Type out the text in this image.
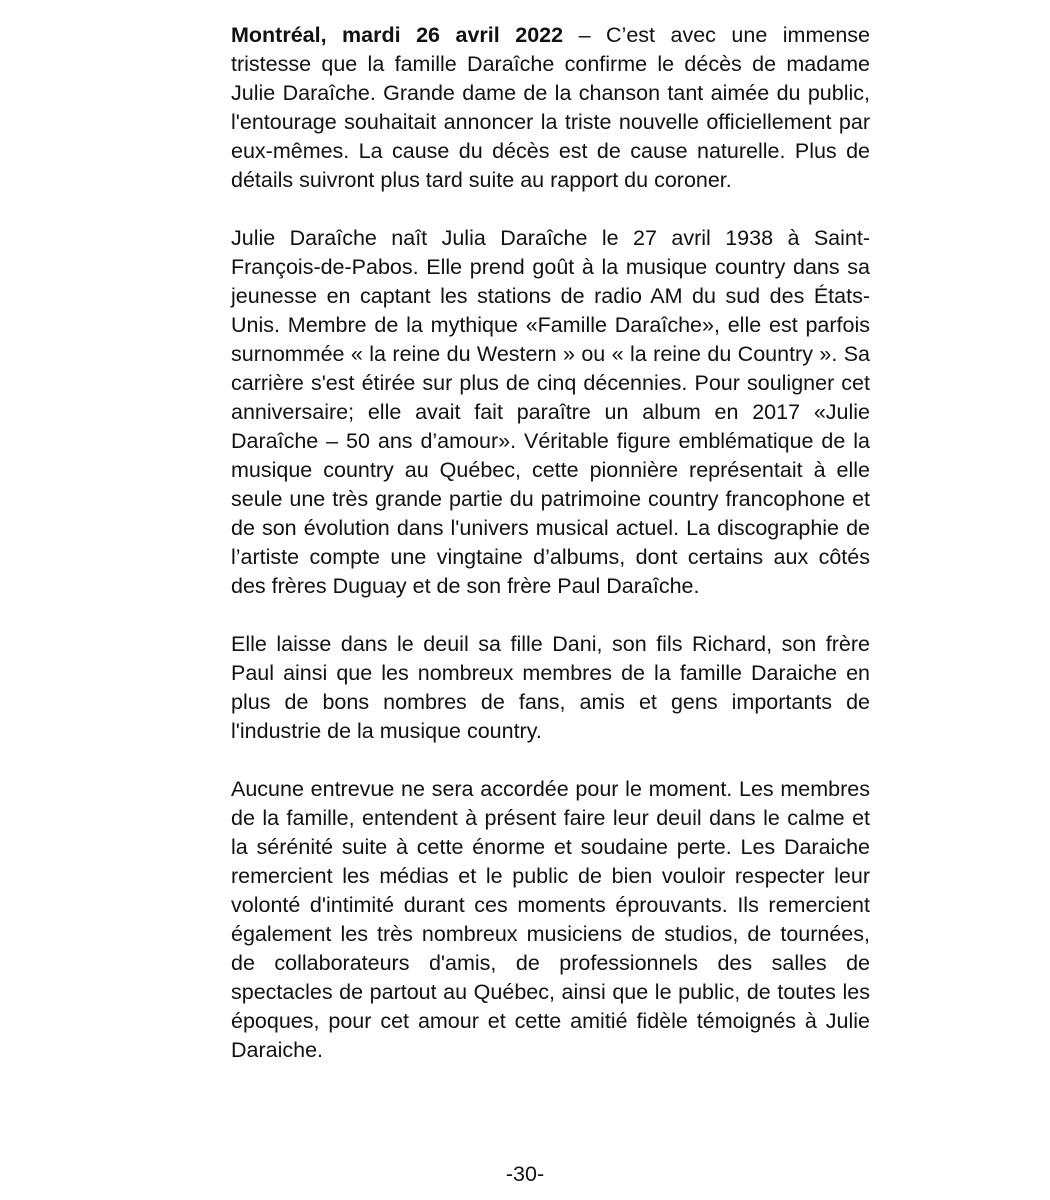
Montréal, mardi 26 avril 2022 – C’est avec une immense tristesse que la famille Daraîche confirme le décès de madame Julie Daraîche. Grande dame de la chanson tant aimée du public, l'entourage souhaitait annoncer la triste nouvelle officiellement par eux-mêmes. La cause du décès est de cause naturelle. Plus de détails suivront plus tard suite au rapport du coroner.

Julie Daraîche naît Julia Daraîche le 27 avril 1938 à Saint-François-de-Pabos. Elle prend goût à la musique country dans sa jeunesse en captant les stations de radio AM du sud des États-Unis. Membre de la mythique «Famille Daraîche», elle est parfois surnommée « la reine du Western » ou « la reine du Country ». Sa carrière s'est étirée sur plus de cinq décennies. Pour souligner cet anniversaire; elle avait fait paraître un album en 2017 «Julie Daraîche – 50 ans d’amour». Véritable figure emblématique de la musique country au Québec, cette pionnière représentait à elle seule une très grande partie du patrimoine country francophone et de son évolution dans l'univers musical actuel. La discographie de l’artiste compte une vingtaine d’albums, dont certains aux côtés des frères Duguay et de son frère Paul Daraîche.

Elle laisse dans le deuil sa fille Dani, son fils Richard, son frère Paul ainsi que les nombreux membres de la famille Daraiche en plus de bons nombres de fans, amis et gens importants de l'industrie de la musique country.

Aucune entrevue ne sera accordée pour le moment. Les membres de la famille, entendent à présent faire leur deuil dans le calme et la sérénité suite à cette énorme et soudaine perte. Les Daraiche remercient les médias et le public de bien vouloir respecter leur volonté d'intimité durant ces moments éprouvants. Ils remercient également les très nombreux musiciens de studios, de tournées, de collaborateurs d'amis, de professionnels des salles de spectacles de partout au Québec, ainsi que le public, de toutes les époques, pour cet amour et cette amitié fidèle témoignés à Julie Daraiche.

-30-
